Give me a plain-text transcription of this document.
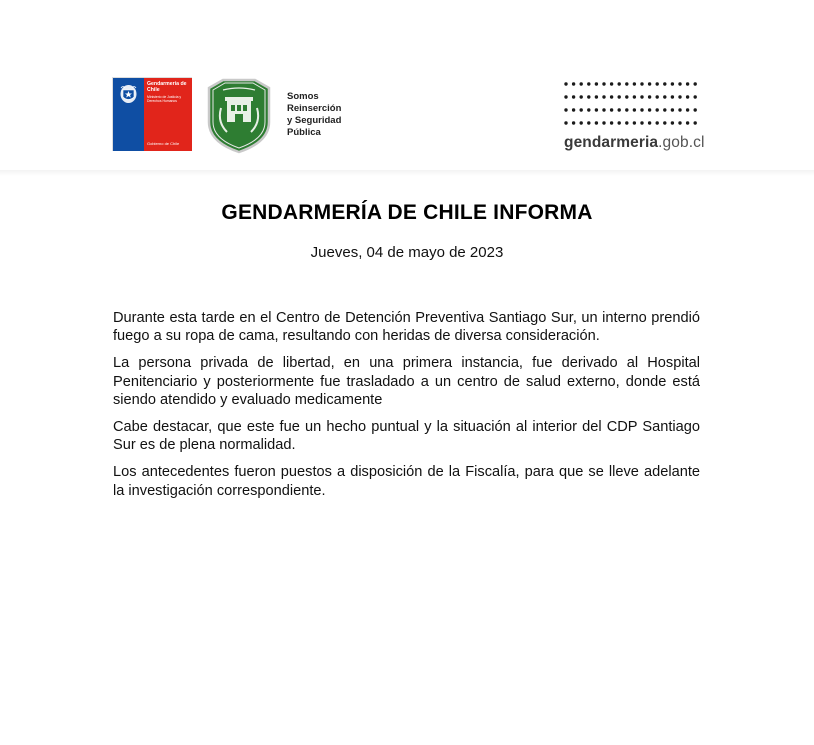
Gendarmería de Chile
Ministerio de Justicia y Derechos Humanos
Gobierno de Chile
Somos
Reinserción
y Seguridad
Pública
gendarmeria.gob.cl
GENDARMERÍA DE CHILE INFORMA
Jueves, 04 de mayo de 2023

Durante esta tarde en el Centro de Detención Preventiva Santiago Sur, un interno prendió fuego a su ropa de cama, resultando con heridas de diversa consideración.

La persona privada de libertad, en una primera instancia, fue derivado al Hospital Penitenciario y posteriormente fue trasladado a un centro de salud externo, donde está siendo atendido y evaluado medicamente

Cabe destacar, que este fue un hecho puntual y la situación al interior del CDP Santiago Sur es de plena normalidad.

Los antecedentes fueron puestos a disposición de la Fiscalía, para que se lleve adelante la investigación correspondiente.
